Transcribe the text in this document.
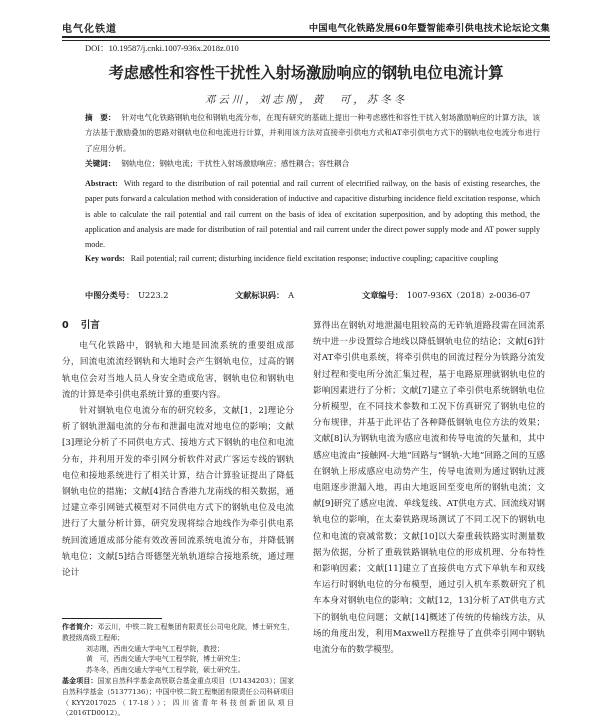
电气化铁道	中国电气化铁路发展60年暨智能牵引供电技术论坛论文集
DOI：10.19587/j.cnki.1007-936x.2018z.010
考虑感性和容性干扰性入射场激励响应的钢轨电位电流计算
邓云川，刘志刚，黄　可，苏冬冬
摘　要： 针对电气化铁路钢轨电位和钢轨电流分布，在现有研究的基础上提出一种考虑感性和容性干扰入射场激励响应的计算方法，该方法基于激励叠加的思路对钢轨电位和电流进行计算，并利用该方法对直接牵引供电方式和AT牵引供电方式下的钢轨电位电流分布进行了应用分析。
关键词： 钢轨电位；钢轨电流；干扰性入射场激励响应；感性耦合；容性耦合
Abstract: With regard to the distribution of rail potential and rail current of electrified railway, on the basis of existing researches, the paper puts forward a calculation method with consideration of inductive and capacitive disturbing incidence field excitation response, which is able to calculate the rail potential and rail current on the basis of idea of excitation superposition, and by adopting this method, the application and analysis are made for distribution of rail potential and rail current under the direct power supply mode and AT power supply mode.
Key words: Rail potential; rail current; disturbing incidence field excitation response; inductive coupling; capacitive coupling
中图分类号： U223.2	文献标识码： A	文章编号： 1007-936X（2018）z-0036-07

0 引言

电气化铁路中，钢轨和大地是回流系统的重要组成部分，回流电流流经钢轨和大地时会产生钢轨电位，过高的钢轨电位会对当地人员人身安全造成危害，钢轨电位和钢轨电流的计算是牵引供电系统计算的重要内容。

针对钢轨电位电流分布的研究较多，文献[1，2]理论分析了钢轨泄漏电流的分布和泄漏电流对地电位的影响；文献[3]理论分析了不同供电方式、接地方式下钢轨的电位和电流分布，并利用开发的牵引网分析软件对武广客运专线的钢轨电位和接地系统进行了相关计算，结合计算验证提出了降低钢轨电位的措施；文献[4]结合香港九龙南线的相关数据，通过建立牵引网链式模型对不同供电方式下的钢轨电位及电流进行了大量分析计算，研究发现将综合地线作为牵引供电系统回流通道成部分能有效改善回流系统电流分布，并降低钢轨电位；文献[5]结合哥德堡光轨轨道综合接地系统，通过理论计

算得出在钢轨对地泄漏电阻较高的无砟轨道路段需在回流系统中进一步设置综合地线以降低钢轨电位的结论；文献[6]针对AT牵引供电系统，将牵引供电的回流过程分为铁路分流发射过程和变电所分流汇集过程，基于电路原理就钢轨电位的影响因素进行了分析；文献[7]建立了牵引供电系统钢轨电位分析模型，在不同技术参数和工况下仿真研究了钢轨电位的分布规律，并基于此评估了各种降低钢轨电位方法的效果；文献[8]认为钢轨电流为感应电流和传导电流的矢量和，其中感应电流由“接触网-大地”回路与“钢轨-大地”回路之间的互感在钢轨上形成感应电动势产生，传导电流则为通过钢轨过渡电阻逐步泄漏入地，再由大地返回至变电所的钢轨电流；文献[9]研究了感应电流、单线复线、AT供电方式、回流线对钢轨电位的影响，在太秦铁路现场测试了不同工况下的钢轨电位和电流的衰减常数；文献[10]以大秦重载铁路实时测量数据为依据，分析了重载铁路钢轨电位的形成机理、分布特性和影响因素；文献[11]建立了直接供电方式下单轨车和双线车运行时钢轨电位的分布模型，通过引入机车系数研究了机车本身对钢轨电位的影响；文献[12，13]分析了AT供电方式下的钢轨电位问题；文献[14]概述了传统的传输线方法，从场的角度出发，利用Maxwell方程推导了直供牵引网中钢轨电流分布的数学模型。

作者简介：邓云川，中铁二院工程集团有限责任公司电化院，博士研究生，教授级高级工程师；
刘志刚，西南交通大学电气工程学院，教授；
黄　可，西南交通大学电气工程学院，博士研究生；
苏冬冬，西南交通大学电气工程学院，硕士研究生。
基金项目：国家自然科学基金高铁联合基金重点项目（U1434203）；国家自然科学基金（51377136）；中国中铁二院工程集团有限责任公司科研项目（KYY2017025（17-18））；四川省青年科技创新团队项目（2016TD0012）。
